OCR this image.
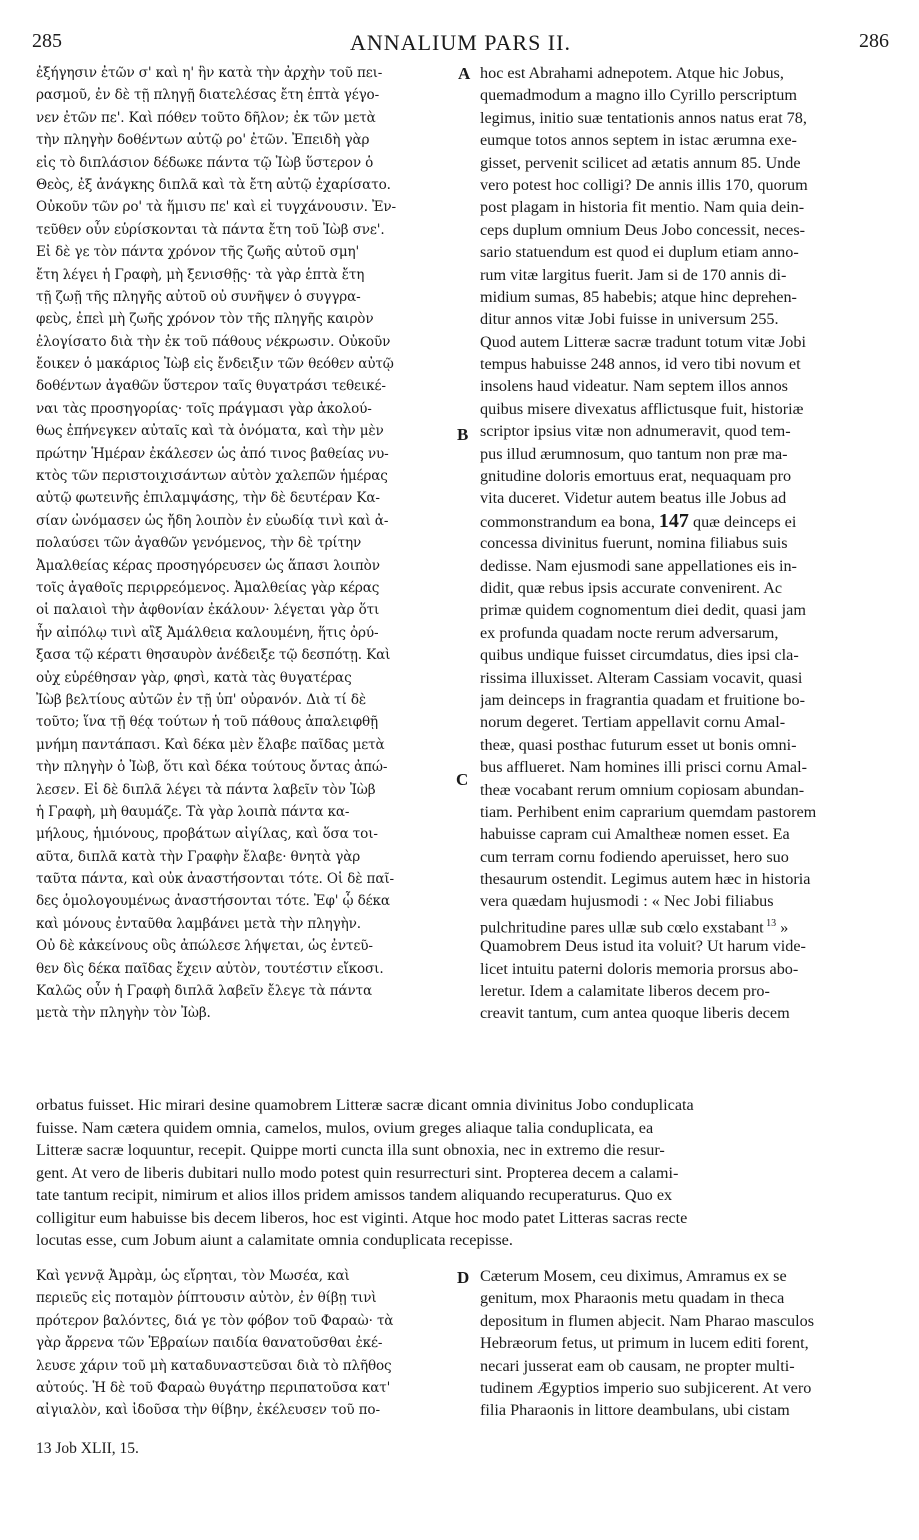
285	ANNALIUM PARS II.	286
A
B
C
D
ἐξήγησιν ἐτῶν σ' καὶ η' ἣν κατὰ τὴν ἀρχὴν τοῦ πει-
ρασμοῦ, ἐν δὲ τῇ πληγῇ διατελέσας ἔτη ἑπτὰ γέγο-
νεν ἐτῶν πε'. Καὶ πόθεν τοῦτο δῆλον; ἐκ τῶν μετὰ
τὴν πληγὴν δοθέντων αὐτῷ ρο' ἐτῶν. Ἐπειδὴ γὰρ
εἰς τὸ διπλάσιον δέδωκε πάντα τῷ Ἰὼβ ὕστερον ὁ
Θεὸς, ἐξ ἀνάγκης διπλᾶ καὶ τὰ ἔτη αὐτῷ ἐχαρίσατο.
Οὐκοῦν τῶν ρο' τὰ ἥμισυ πε' καὶ εἰ τυγχάνουσιν. Ἐν-
τεῦθεν οὖν εὑρίσκονται τὰ πάντα ἔτη τοῦ Ἰὼβ σνε'.
Εἰ δὲ γε τὸν πάντα χρόνον τῆς ζωῆς αὐτοῦ σμη'
ἔτη λέγει ἡ Γραφὴ, μὴ ξενισθῇς· τὰ γὰρ ἑπτὰ ἔτη
τῇ ζωῇ τῆς πληγῆς αὐτοῦ οὐ συνῆψεν ὁ συγγρα-
φεὺς, ἐπεὶ μὴ ζωῆς χρόνον τὸν τῆς πληγῆς καιρὸν
ἐλογίσατο διὰ τὴν ἐκ τοῦ πάθους νέκρωσιν. Οὐκοῦν
ἔοικεν ὁ μακάριος Ἰὼβ εἰς ἔνδειξιν τῶν θεόθεν αὐτῷ
δοθέντων ἀγαθῶν ὕστερον ταῖς θυγατράσι τεθεικέ-
ναι τὰς προσηγορίας· τοῖς πράγμασι γὰρ ἀκολού-
θως ἐπήνεγκεν αὐταῖς καὶ τὰ ὀνόματα, καὶ τὴν μὲν
πρώτην Ἡμέραν ἐκάλεσεν ὡς ἀπό τινος βαθείας νυ-
κτὸς τῶν περιστοιχισάντων αὐτὸν χαλεπῶν ἡμέρας
αὐτῷ φωτεινῆς ἐπιλαμψάσης, τὴν δὲ δευτέραν Κα-
σίαν ὠνόμασεν ὡς ἤδη λοιπὸν ἐν εὐωδίᾳ τινὶ καὶ ἀ-
πολαύσει τῶν ἀγαθῶν γενόμενος, τὴν δὲ τρίτην
Ἀμαλθείας κέρας προσηγόρευσεν ὡς ἅπασι λοιπὸν
τοῖς ἀγαθοῖς περιρρεόμενος. Ἀμαλθείας γὰρ κέρας
οἱ παλαιοὶ τὴν ἀφθονίαν ἐκάλουν· λέγεται γὰρ ὅτι
ἦν αἰπόλῳ τινὶ αἲξ Ἀμάλθεια καλουμένη, ἥτις ὀρύ-
ξασα τῷ κέρατι θησαυρὸν ἀνέδειξε τῷ δεσπότῃ. Καὶ
οὐχ εὑρέθησαν γὰρ, φησὶ, κατὰ τὰς θυγατέρας
Ἰὼβ βελτίους αὐτῶν ἐν τῇ ὑπ' οὐρανόν. Διὰ τί δὲ
τοῦτο; ἵνα τῇ θέᾳ τούτων ἡ τοῦ πάθους ἀπαλειφθῇ
μνήμη παντάπασι. Καὶ δέκα μὲν ἔλαβε παῖδας μετὰ
τὴν πληγὴν ὁ Ἰὼβ, ὅτι καὶ δέκα τούτους ὄντας ἀπώ-
λεσεν. Εἰ δὲ διπλᾶ λέγει τὰ πάντα λαβεῖν τὸν Ἰὼβ
ἡ Γραφὴ, μὴ θαυμάζε. Τὰ γὰρ λοιπὰ πάντα κα-
μήλους, ἡμιόνους, προβάτων αἰγίλας, καὶ ὅσα τοι-
αῦτα, διπλᾶ κατὰ τὴν Γραφὴν ἔλαβε· θνητὰ γὰρ
ταῦτα πάντα, καὶ οὐκ ἀναστήσονται τότε. Οἱ δὲ παῖ-
δες ὁμολογουμένως ἀναστήσονται τότε. Ἐφ' ᾧ δέκα
καὶ μόνους ἐνταῦθα λαμβάνει μετὰ τὴν πληγὴν.
Οὐ δὲ κἀκείνους οὓς ἀπώλεσε λήψεται, ὡς ἐντεῦ-
θεν δὶς δέκα παῖδας ἔχειν αὐτὸν, τουτέστιν εἴκοσι.
Καλῶς οὖν ἡ Γραφὴ διπλᾶ λαβεῖν ἔλεγε τὰ πάντα
μετὰ τὴν πληγὴν τὸν Ἰὼβ.
hoc est Abrahami adnepotem. Atque hic Jobus,
quemadmodum a magno illo Cyrillo perscriptum
legimus, initio suæ tentationis annos natus erat 78,
eumque totos annos septem in istac ærumna exe-
gisset, pervenit scilicet ad ætatis annum 85. Unde
vero potest hoc colligi? De annis illis 170, quorum
post plagam in historia fit mentio. Nam quia dein-
ceps duplum omnium Deus Jobo concessit, neces-
sario statuendum est quod ei duplum etiam anno-
rum vitæ largitus fuerit. Jam si de 170 annis di-
midium sumas, 85 habebis; atque hinc deprehen-
ditur annos vitæ Jobi fuisse in universum 255.
Quod autem Litteræ sacræ tradunt totum vitæ Jobi
tempus habuisse 248 annos, id vero tibi novum et
insolens haud videatur. Nam septem illos annos
quibus misere divexatus afflictusque fuit, historiæ
scriptor ipsius vitæ non adnumeravit, quod tem-
pus illud ærumnosum, quo tantum non præ ma-
gnitudine doloris emortuus erat, nequaquam pro
vita duceret. Videtur autem beatus ille Jobus ad
commonstrandum ea bona, 147 quæ deinceps ei
concessa divinitus fuerunt, nomina filiabus suis
dedisse. Nam ejusmodi sane appellationes eis in-
didit, quæ rebus ipsis accurate convenirent. Ac
primæ quidem cognomentum diei dedit, quasi jam
ex profunda quadam nocte rerum adversarum,
quibus undique fuisset circumdatus, dies ipsi cla-
rissima illuxisset. Alteram Cassiam vocavit, quasi
jam deinceps in fragrantia quadam et fruitione bo-
norum degeret. Tertiam appellavit cornu Amal-
theæ, quasi posthac futurum esset ut bonis omni-
bus afflueret. Nam homines illi prisci cornu Amal-
theæ vocabant rerum omnium copiosam abundan-
tiam. Perhibent enim caprarium quemdam pastorem
habuisse capram cui Amaltheæ nomen esset. Ea
cum terram cornu fodiendo aperuisset, hero suo
thesaurum ostendit. Legimus autem hæc in historia
vera quædam hujusmodi : « Nec Jobi filiabus
pulchritudine pares ullæ sub cœlo exstabant $^{13}$ »
Quamobrem Deus istud ita voluit? Ut harum vide-
licet intuitu paterni doloris memoria prorsus abo-
leretur. Idem a calamitate liberos decem pro-
creavit tantum, cum antea quoque liberis decem
orbatus fuisset. Hic mirari desine quamobrem Litteræ sacræ dicant omnia divinitus Jobo conduplicata
fuisse. Nam cætera quidem omnia, camelos, mulos, ovium greges aliaque talia conduplicata, ea
Litteræ sacræ loquuntur, recepit. Quippe morti cuncta illa sunt obnoxia, nec in extremo die resur-
gent. At vero de liberis dubitari nullo modo potest quin resurrecturi sint. Propterea decem a calami-
tate tantum recipit, nimirum et alios illos pridem amissos tandem aliquando recuperaturus. Quo ex
colligitur eum habuisse bis decem liberos, hoc est viginti. Atque hoc modo patet Litteras sacras recte
locutas esse, cum Jobum aiunt a calamitate omnia conduplicata recepisse.
Καὶ γεννᾷ Ἀμρὰμ, ὡς εἴρηται, τὸν Μωσέα, καὶ
περιεῦς εἰς ποταμὸν ῥίπτουσιν αὐτὸν, ἐν θίβῃ τινὶ
πρότερον βαλόντες, διά γε τὸν φόβον τοῦ Φαραὼ· τὰ
γὰρ ἄρρενα τῶν Ἑβραίων παιδία θανατοῦσθαι ἐκέ-
λευσε χάριν τοῦ μὴ καταδυναστεῦσαι διὰ τὸ πλῆθος
αὐτούς. Ἡ δὲ τοῦ Φαραὼ θυγάτηρ περιπατοῦσα κατ'
αἰγιαλὸν, καὶ ἰδοῦσα τὴν θίβην, ἐκέλευσεν τοῦ πο-
Cæterum Mosem, ceu diximus, Amramus ex se
genitum, mox Pharaonis metu quadam in theca
depositum in flumen abjecit. Nam Pharao masculos
Hebræorum fetus, ut primum in lucem editi forent,
necari jusserat eam ob causam, ne propter multi-
tudinem Ægyptios imperio suo subjicerent. At vero
filia Pharaonis in littore deambulans, ubi cistam
13 Job XLII, 15.
